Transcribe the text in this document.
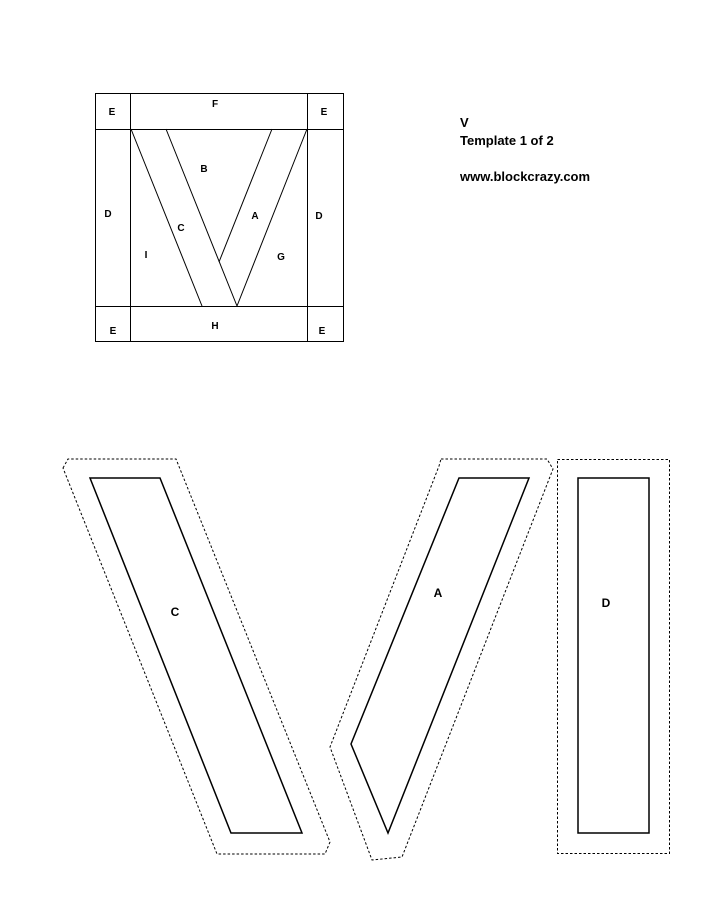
E
F
E
B
D	A	D
C
I	G
E	H	E
C
A
D
V
Template 1 of 2
www.blockcrazy.com
